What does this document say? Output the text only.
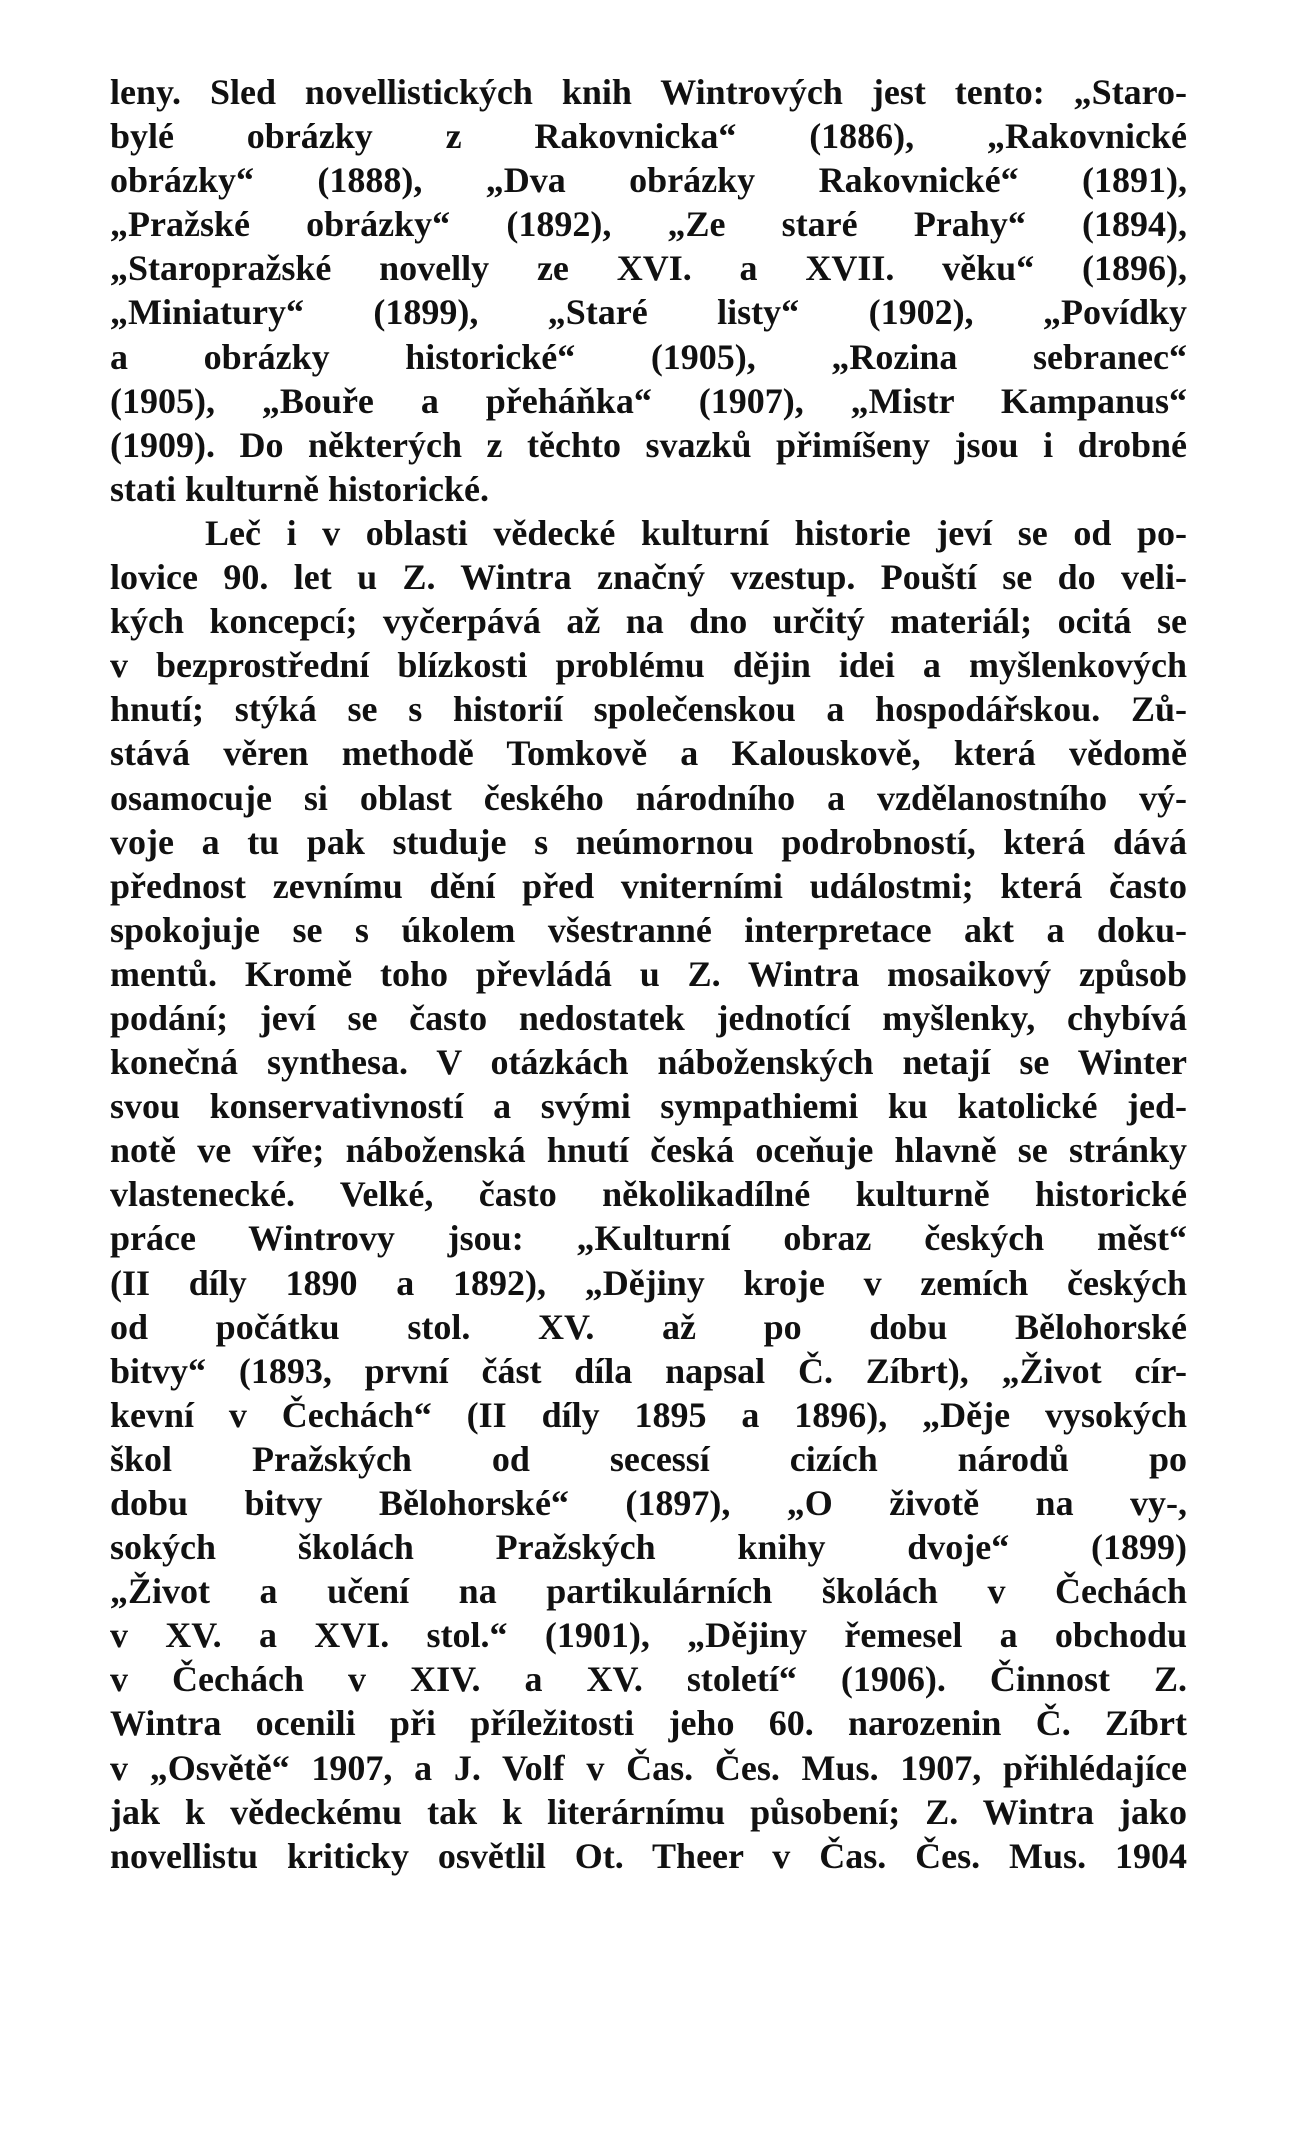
leny. Sled novellistických knih Wintrových jest tento: „Staro-
bylé obrázky z Rakovnicka“ (1886), „Rakovnické
obrázky“ (1888), „Dva obrázky Rakovnické“ (1891),
„Pražské obrázky“ (1892), „Ze staré Prahy“ (1894),
„Staropražské novelly ze XVI. a XVII. věku“ (1896),
„Miniatury“ (1899), „Staré listy“ (1902), „Povídky
a obrázky historické“ (1905), „Rozina sebranec“
(1905), „Bouře a přeháňka“ (1907), „Mistr Kampanus“
(1909). Do některých z těchto svazků přimíšeny jsou i drobné
stati kulturně historické.
Leč i v oblasti vědecké kulturní historie jeví se od po-
lovice 90. let u Z. Wintra značný vzestup. Pouští se do veli-
kých koncepcí; vyčerpává až na dno určitý materiál; ocitá se
v bezprostřední blízkosti problému dějin idei a myšlenkových
hnutí; stýká se s historií společenskou a hospodářskou. Zů-
stává věren methodě Tomkově a Kalouskově, která vědomě
osamocuje si oblast českého národního a vzdělanostního vý-
voje a tu pak studuje s neúmornou podrobností, která dává
přednost zevnímu dění před vniterními událostmi; která často
spokojuje se s úkolem všestranné interpretace akt a doku-
mentů. Kromě toho převládá u Z. Wintra mosaikový způsob
podání; jeví se často nedostatek jednotící myšlenky, chybívá
konečná synthesa. V otázkách náboženských netají se Winter
svou konservativností a svými sympathiemi ku katolické jed-
notě ve víře; náboženská hnutí česká oceňuje hlavně se stránky
vlastenecké. Velké, často několikadílné kulturně historické
práce Wintrovy jsou: „Kulturní obraz českých měst“
(II díly 1890 a 1892), „Dějiny kroje v zemích českých
od počátku stol. XV. až po dobu Bělohorské
bitvy“ (1893, první část díla napsal Č. Zíbrt), „Život cír-
kevní v Čechách“ (II díly 1895 a 1896), „Děje vysokých
škol Pražských od secessí cizích národů po
dobu bitvy Bělohorské“ (1897), „O životě na vy-,
sokých školách Pražských knihy dvoje“ (1899)
„Život a učení na partikulárních školách v Čechách
v XV. a XVI. stol.“ (1901), „Dějiny řemesel a obchodu
v Čechách v XIV. a XV. století“ (1906). Činnost Z.
Wintra ocenili při příležitosti jeho 60. narozenin Č. Zíbrt
v „Osvětě“ 1907, a J. Volf v Čas. Čes. Mus. 1907, přihlédajíce
jak k vědeckému tak k literárnímu působení; Z. Wintra jako
novellistu kriticky osvětlil Ot. Theer v Čas. Čes. Mus. 1904
